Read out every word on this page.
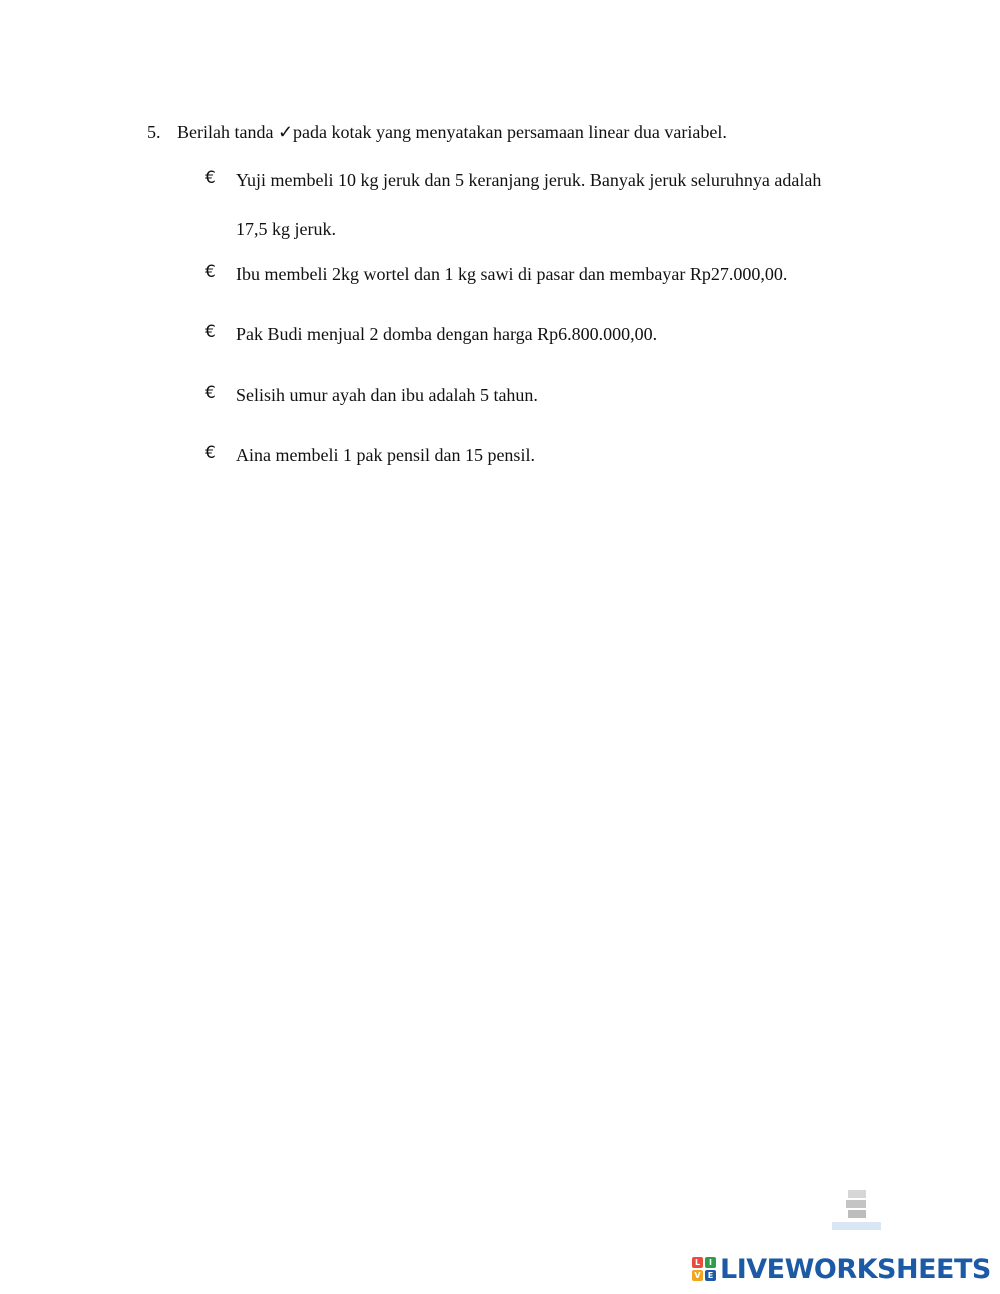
5. Berilah tanda ✓pada kotak yang menyatakan persamaan linear dua variabel.
€ Yuji membeli 10 kg jeruk dan 5 keranjang jeruk. Banyak jeruk seluruhnya adalah
17,5 kg jeruk.
€ Ibu membeli 2kg wortel dan 1 kg sawi di pasar dan membayar Rp27.000,00.
€ Pak Budi menjual 2 domba dengan harga Rp6.800.000,00.
€ Selisih umur ayah dan ibu adalah 5 tahun.
€ Aina membeli 1 pak pensil dan 15 pensil.
L	I
V E LIVEWORKSHEETS
